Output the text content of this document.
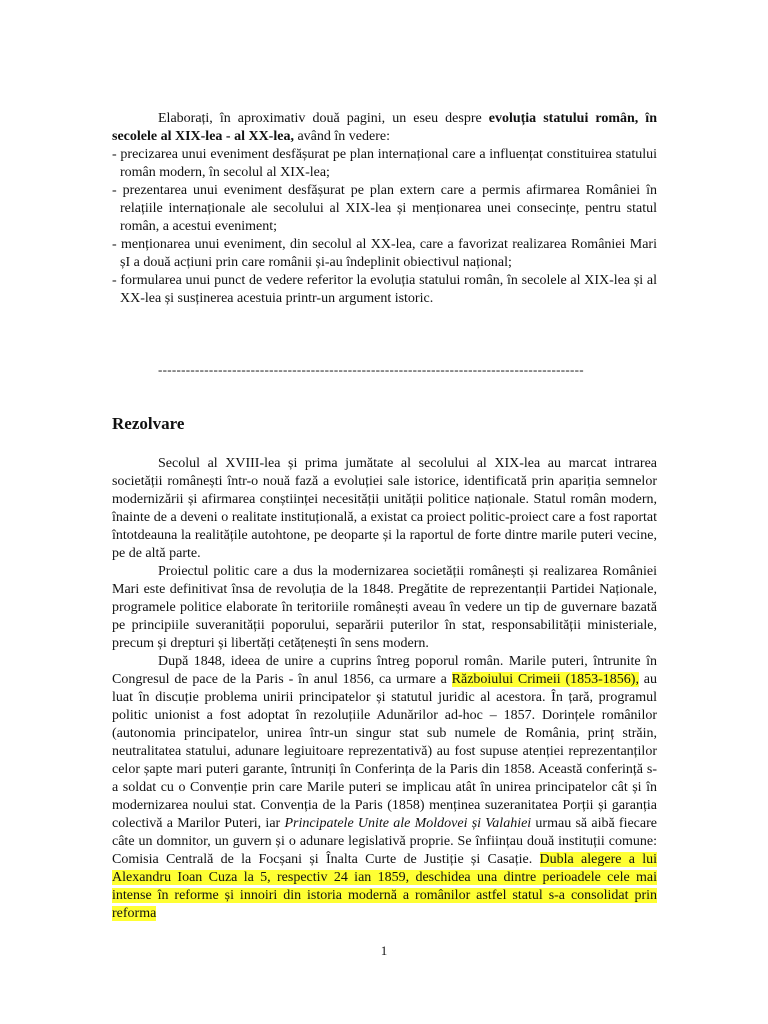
Elaborați, în aproximativ două pagini, un eseu despre evoluția statului român, în secolele al XIX-lea - al XX-lea, având în vedere:

- precizarea unui eveniment desfășurat pe plan internațional care a influențat constituirea statului român modern, în secolul al XIX-lea;
- prezentarea unui eveniment desfășurat pe plan extern care a permis afirmarea României în relațiile internaționale ale secolului al XIX-lea și menționarea unei consecințe, pentru statul român, a acestui eveniment;
- menționarea unui eveniment, din secolul al XX-lea, care a favorizat realizarea României Mari șI a două acțiuni prin care românii și-au îndeplinit obiectivul național;
- formularea unui punct de vedere referitor la evoluția statului român, în secolele al XIX-lea și al XX-lea și susținerea acestuia printr-un argument istoric.
--------------------------------------------------------------------------------------------
Rezolvare

Secolul al XVIII-lea și prima jumătate al secolului al XIX-lea au marcat intrarea societății românești într-o nouă fază a evoluției sale istorice, identificată prin apariția semnelor modernizării și afirmarea conștiinței necesității unității politice naționale. Statul român modern, înainte de a deveni o realitate instituțională, a existat ca proiect politic-proiect care a fost raportat întotdeauna la realitățile autohtone, pe deoparte și la raportul de forte dintre marile puteri vecine, pe de altă parte.

Proiectul politic care a dus la modernizarea societății românești și realizarea României Mari este definitivat însa de revoluția de la 1848. Pregătite de reprezentanții Partidei Naționale, programele politice elaborate în teritoriile românești aveau în vedere un tip de guvernare bazată pe principiile suveranității poporului, separării puterilor în stat, responsabilității ministeriale, precum și drepturi și libertăți cetățenești în sens modern.

După 1848, ideea de unire a cuprins întreg poporul român. Marile puteri, întrunite în Congresul de pace de la Paris - în anul 1856, ca urmare a Războiului Crimeii (1853-1856), au luat în discuție problema unirii principatelor și statutul juridic al acestora. În țară, programul politic unionist a fost adoptat în rezoluțiile Adunărilor ad-hoc – 1857. Dorințele românilor (autonomia principatelor, unirea într-un singur stat sub numele de România, prinț străin, neutralitatea statului, adunare legiuitoare reprezentativă) au fost supuse atenției reprezentanților celor șapte mari puteri garante, întruniți în Conferința de la Paris din 1858. Această conferință s-a soldat cu o Convenție prin care Marile puteri se implicau atât în unirea principatelor cât și în modernizarea noului stat. Convenția de la Paris (1858) menținea suzeranitatea Porții și garanția colectivă a Marilor Puteri, iar Principatele Unite ale Moldovei și Valahiei urmau să aibă fiecare câte un domnitor, un guvern și o adunare legislativă proprie. Se înființau două instituții comune: Comisia Centrală de la Focșani și Înalta Curte de Justiție și Casație. Dubla alegere a lui Alexandru Ioan Cuza la 5, respectiv 24 ian 1859, deschidea una dintre perioadele cele mai intense în reforme și innoiri din istoria modernă a românilor astfel statul s-a consolidat prin reforma

1
